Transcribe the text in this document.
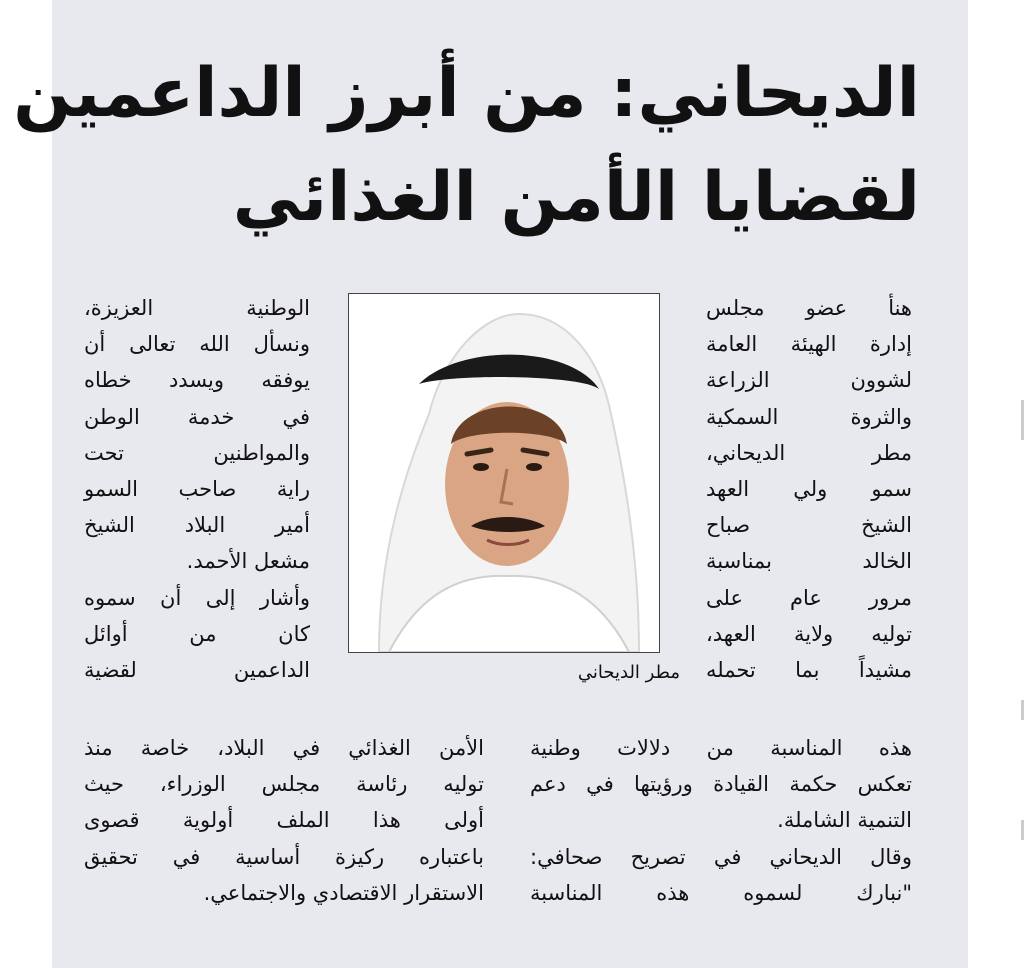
الديحاني: من أبرز الداعمين
لقضايا الأمن الغذائي
هنأ عضو مجلس
إدارة الهيئة العامة
لشوون الزراعة
والثروة السمكية
مطر الديحاني،
سمو ولي العهد
الشيخ صباح
الخالد بمناسبة
مرور عام على
توليه ولاية العهد،
مشيداً بما تحمله
الوطنية العزيزة،
ونسأل الله تعالى أن
يوفقه ويسدد خطاه
في خدمة الوطن
والمواطنين تحت
راية صاحب السمو
أمير البلاد الشيخ
مشعل الأحمد.
وأشار إلى أن سموه
كان من أوائل
الداعمين لقضية	مطر الديحاني
هذه المناسبة من دلالات وطنية
تعكس حكمة القيادة ورؤيتها في دعم
التنمية الشاملة.
وقال الديحاني في تصريح صحافي:
"نبارك لسموه هذه المناسبة
الأمن الغذائي في البلاد، خاصة منذ
توليه رئاسة مجلس الوزراء، حيث
أولى هذا الملف أولوية قصوى
باعتباره ركيزة أساسية في تحقيق
الاستقرار الاقتصادي والاجتماعي.
